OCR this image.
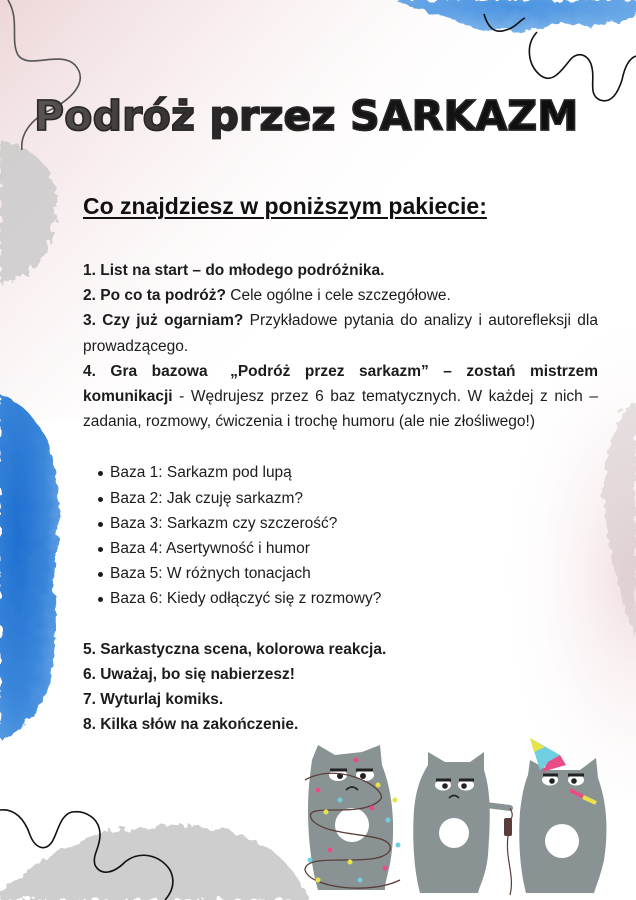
Podróż przez SARKAZM
Co znajdziesz w poniższym pakiecie:

1. List na start – do młodego podróżnika.

2. Po co ta podróż? Cele ogólne i cele szczegółowe.

3. Czy już ogarniam? Przykładowe pytania do analizy i autorefleksji dla prowadzącego.

4. Gra bazowa „Podróż przez sarkazm” – zostań mistrzem

komunikacji - Wędrujesz przez 6 baz tematycznych. W każdej z nich – zadania, rozmowy, ćwiczenia i trochę humoru (ale nie złośliwego!)

Baza 1: Sarkazm pod lupą
Baza 2: Jak czuję sarkazm?
Baza 3: Sarkazm czy szczerość?
Baza 4: Asertywność i humor
Baza 5: W różnych tonacjach
Baza 6: Kiedy odłączyć się z rozmowy?

5. Sarkastyczna scena, kolorowa reakcja.

6. Uważaj, bo się nabierzesz!

7. Wyturlaj komiks.

8. Kilka słów na zakończenie.
